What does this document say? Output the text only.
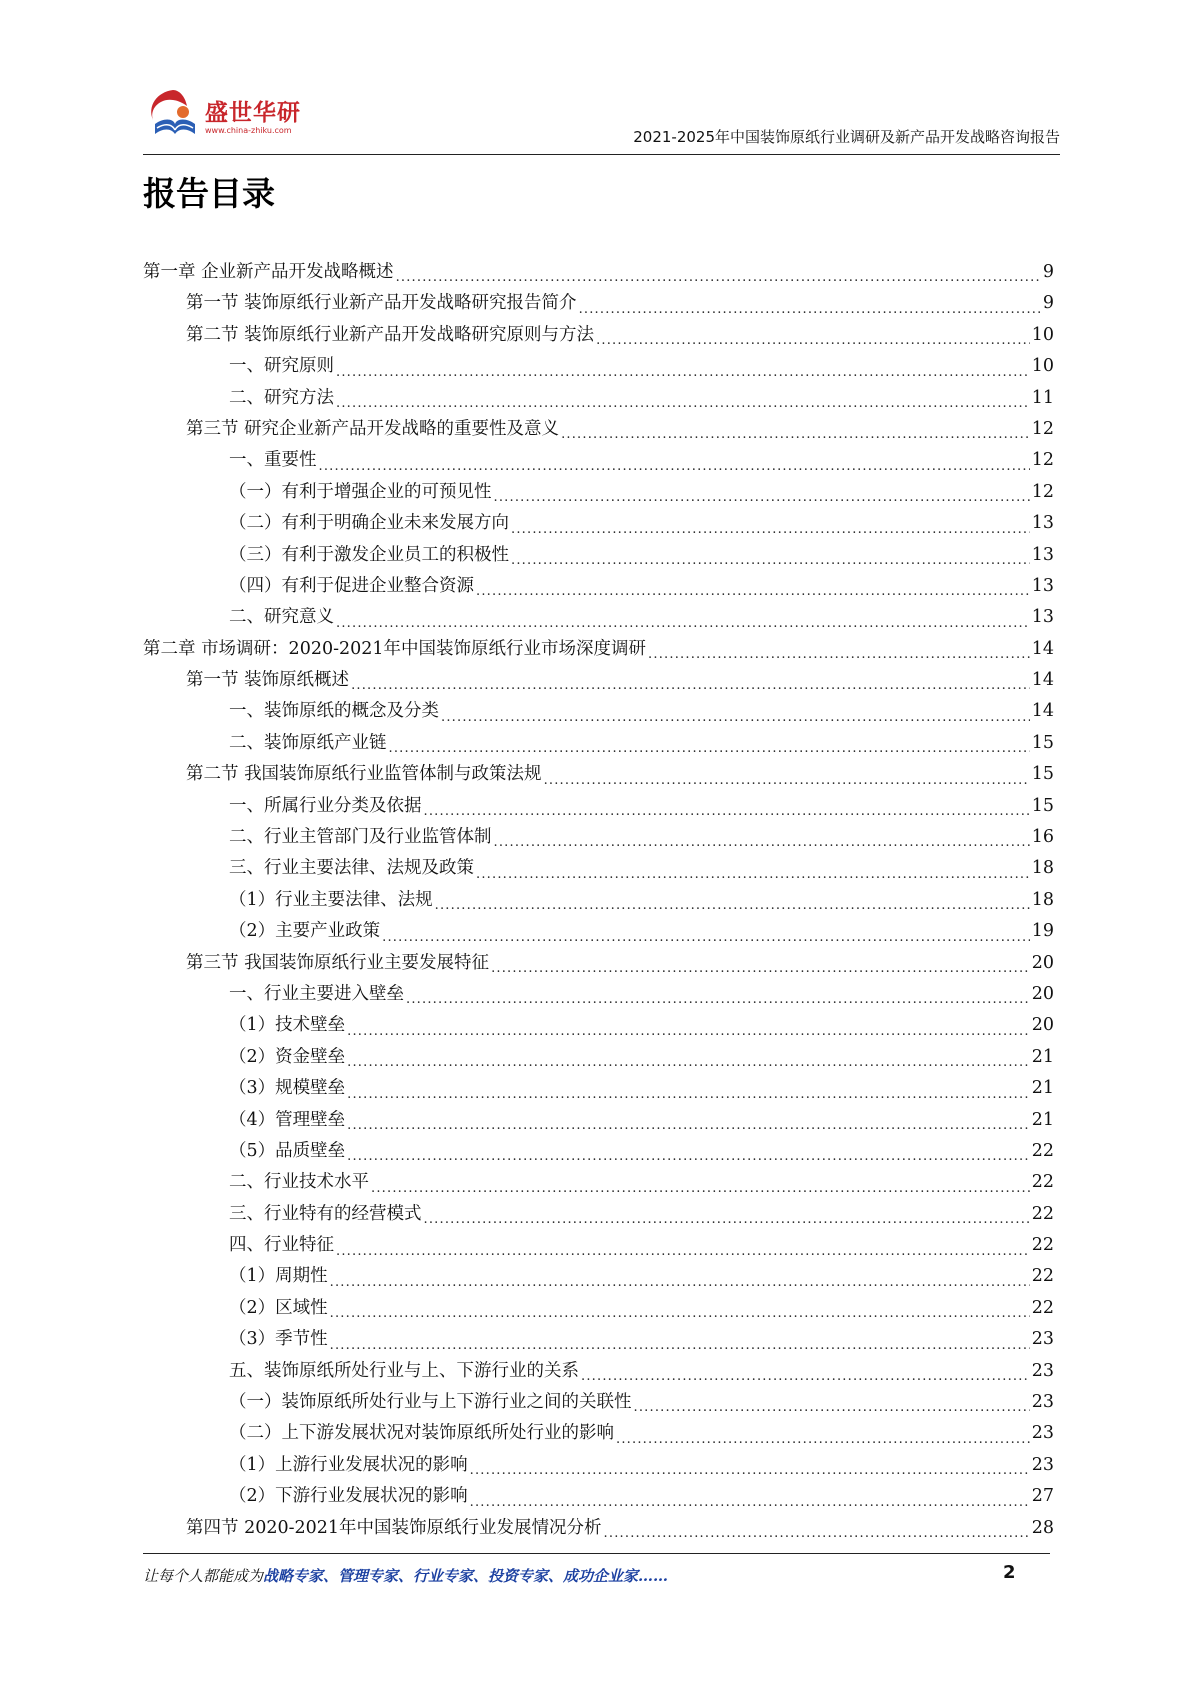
盛世华研
www.china-zhiku.com	2021-2025年中国装饰原纸行业调研及新产品开发战略咨询报告
报告目录
第一章 企业新产品开发战略概述 .....	9
第一节 装饰原纸行业新产品开发战略研究报告简介 .....	9
第二节 装饰原纸行业新产品开发战略研究原则与方法 .....	10
一、研究原则 .....	10
二、研究方法 .....	11
第三节 研究企业新产品开发战略的重要性及意义 .....	12
一、重要性 .....	12
（一）有利于增强企业的可预见性 .....	12
（二）有利于明确企业未来发展方向 .....	13
（三）有利于激发企业员工的积极性 .....	13
（四）有利于促进企业整合资源 .....	13
二、研究意义 .....	13
第二章 市场调研：2020-2021年中国装饰原纸行业市场深度调研 .....	14
第一节 装饰原纸概述 .....	14
一、装饰原纸的概念及分类 .....	14
二、装饰原纸产业链 .....	15
第二节 我国装饰原纸行业监管体制与政策法规 .....	15
一、所属行业分类及依据 .....	15
二、行业主管部门及行业监管体制 .....	16
三、行业主要法律、法规及政策 .....	18
（1）行业主要法律、法规 .....	18
（2）主要产业政策 .....	19
第三节 我国装饰原纸行业主要发展特征 .....	20
一、行业主要进入壁垒 .....	20
（1）技术壁垒 .....	20
（2）资金壁垒 .....	21
（3）规模壁垒 .....	21
（4）管理壁垒 .....	21
（5）品质壁垒 .....	22
二、行业技术水平 .....	22
三、行业特有的经营模式 .....	22
四、行业特征 .....	22
（1）周期性 .....	22
（2）区域性 .....	22
（3）季节性 .....	23
五、装饰原纸所处行业与上、下游行业的关系 .....	23
（一）装饰原纸所处行业与上下游行业之间的关联性 .....	23
（二）上下游发展状况对装饰原纸所处行业的影响 .....	23
（1）上游行业发展状况的影响 .....	23
（2）下游行业发展状况的影响 .....	27
第四节 2020-2021年中国装饰原纸行业发展情况分析 .....	28
让每个人都能成为战略专家、管理专家、行业专家、投资专家、成功企业家……	2
